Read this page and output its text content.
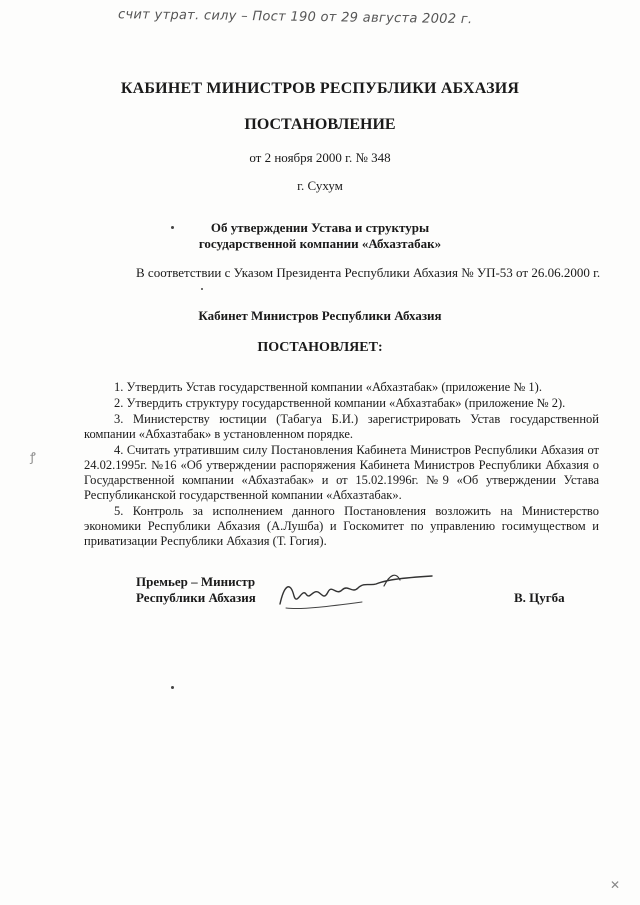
счит утрат. силу – Пост 190 от 29 августа 2002 г.
КАБИНЕТ МИНИСТРОВ РЕСПУБЛИКИ АБХАЗИЯ
ПОСТАНОВЛЕНИЕ
от 2 ноября 2000 г. № 348
г. Сухум
Об утверждении Устава и структуры
государственной компании «Абхазтабак»
В соответствии с Указом Президента Республики Абхазия № УП-53 от 26.06.2000 г.
Кабинет Министров Республики Абхазия
ПОСТАНОВЛЯЕТ:

1. Утвердить Устав государственной компании «Абхазтабак» (приложение № 1).

2. Утвердить структуру государственной компании «Абхазтабак» (приложение № 2).

3. Министерству юстиции (Табагуа Б.И.) зарегистрировать Устав государственной компании «Абхазтабак» в установленном порядке.

4. Считать утратившим силу Постановления Кабинета Министров Республики Абхазия от 24.02.1995г. №16 «Об утверждении распоряжения Кабинета Министров Республики Абхазия о Государственной компании «Абхазтабак» и от 15.02.1996г. №9 «Об утверждении Устава Республиканской государственной компании «Абхазтабак».

5. Контроль за исполнением данного Постановления возложить на Министерство экономики Республики Абхазия (А.Лушба) и Госкомитет по управлению госимуществом и приватизации Республики Абхазия (Т. Гогия).

Премьер – Министр
Республики Абхазия	В. Цугба
ꝭ
✕
